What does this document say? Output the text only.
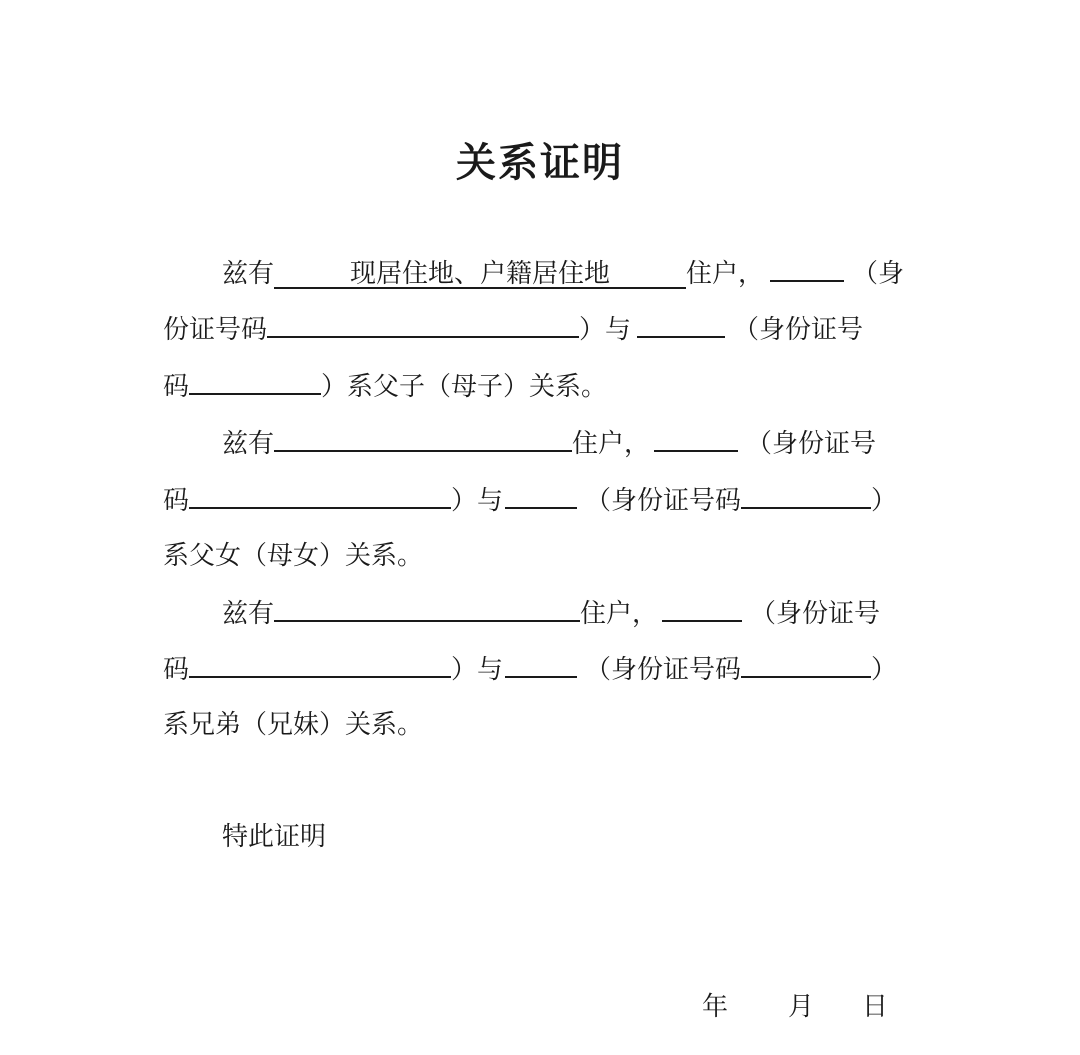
关系证明
兹有	现居住地、户籍居住地	住户，	（身
份证号码	）与	（身份证号
码	）系父子（母子）关系。
兹有	住户，	（身份证号
码	）与	（身份证号码	）
系父女（母女）关系。
兹有	住户，	（身份证号
码	）与	（身份证号码	）
系兄弟（兄妹）关系。
特此证明
年 月 日
